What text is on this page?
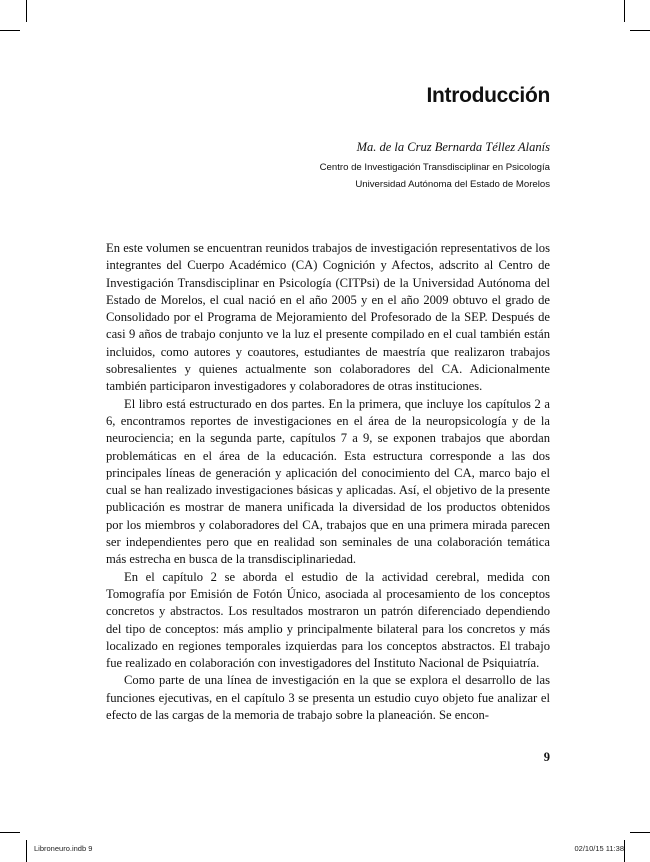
Introducción
Ma. de la Cruz Bernarda Téllez Alanís
Centro de Investigación Transdisciplinar en Psicología
Universidad Autónoma del Estado de Morelos

En este volumen se encuentran reunidos trabajos de investigación representativos de los integrantes del Cuerpo Académico (CA) Cognición y Afectos, adscrito al Centro de Investigación Transdisciplinar en Psicología (CITPsi) de la Universidad Autónoma del Estado de Morelos, el cual nació en el año 2005 y en el año 2009 obtuvo el grado de Consolidado por el Programa de Mejoramiento del Profesorado de la SEP. Después de casi 9 años de trabajo conjunto ve la luz el presente compilado en el cual también están incluidos, como autores y coautores, estudiantes de maestría que realizaron trabajos sobresalientes y quienes actualmente son colaboradores del CA. Adicionalmente también participaron investigadores y colaboradores de otras instituciones.

El libro está estructurado en dos partes. En la primera, que incluye los capítulos 2 a 6, encontramos reportes de investigaciones en el área de la neuropsicología y de la neurociencia; en la segunda parte, capítulos 7 a 9, se exponen trabajos que abordan problemáticas en el área de la educación. Esta estructura corresponde a las dos principales líneas de generación y aplicación del conocimiento del CA, marco bajo el cual se han realizado investigaciones básicas y aplicadas. Así, el objetivo de la presente publicación es mostrar de manera unificada la diversidad de los productos obtenidos por los miembros y colaboradores del CA, trabajos que en una primera mirada parecen ser independientes pero que en realidad son seminales de una colaboración temática más estrecha en busca de la transdisciplinariedad.

En el capítulo 2 se aborda el estudio de la actividad cerebral, medida con Tomografía por Emisión de Fotón Único, asociada al procesamiento de los conceptos concretos y abstractos. Los resultados mostraron un patrón diferenciado dependiendo del tipo de conceptos: más amplio y principalmente bilateral para los concretos y más localizado en regiones temporales izquierdas para los conceptos abstractos. El trabajo fue realizado en colaboración con investigadores del Instituto Nacional de Psiquiatría.

Como parte de una línea de investigación en la que se explora el desarrollo de las funciones ejecutivas, en el capítulo 3 se presenta un estudio cuyo objeto fue analizar el efecto de las cargas de la memoria de trabajo sobre la planeación. Se encon-

9
Libroneuro.indb 9	02/10/15 11:38
